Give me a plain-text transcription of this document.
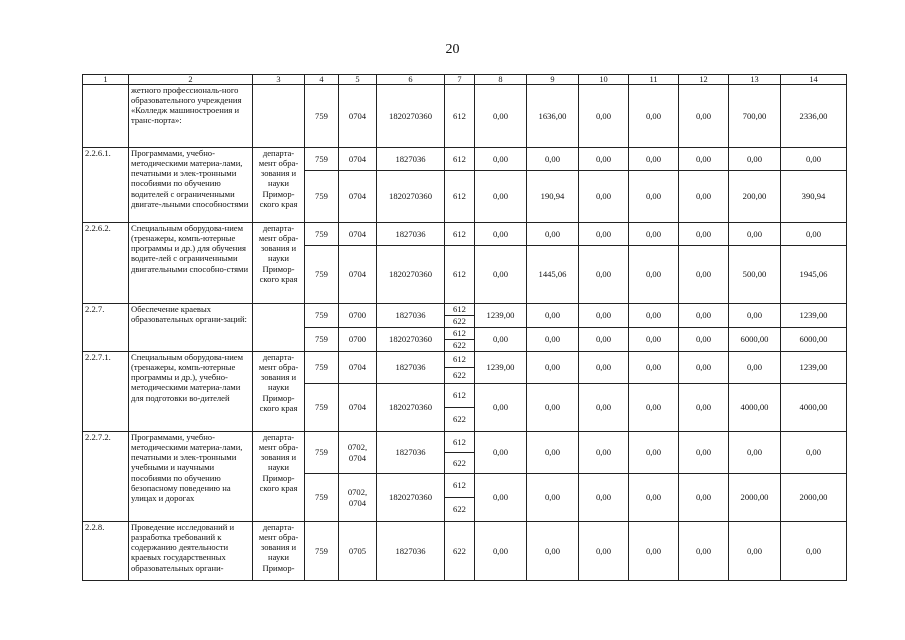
20
1	2	3	4	5	6	7	8	9	10	11	12	13	14
	жетного профессиональ-ного образовательного учреждения «Колледж машиностроения и транс-порта»:		759	0704	1820270360	612	0,00	1636,00	0,00	0,00	0,00	700,00	2336,00
2.2.6.1.	Программами, учебно-методическими материа-лами, печатными и элек-тронными пособиями по обучению водителей с ограниченными двигате-льными способностями	департа-мент обра-зования и науки Примор-ского края	759	0704	1827036	612	0,00	0,00	0,00	0,00	0,00	0,00	0,00
			759	0704	1820270360	612	0,00	190,94	0,00	0,00	0,00	200,00	390,94
2.2.6.2.	Специальным оборудова-нием (тренажеры, компь-ютерные программы и др.) для обучения водите-лей с ограниченными двигательными способно-стями	департа-мент обра-зования и науки Примор-ского края	759	0704	1827036	612	0,00	0,00	0,00	0,00	0,00	0,00	0,00
			759	0704	1820270360	612	0,00	1445,06	0,00	0,00	0,00	500,00	1945,06
2.2.7.	Обеспечение краевых образовательных органи-заций:		759	0700	1827036	612	1239,00	0,00	0,00	0,00	0,00	0,00	1239,00
						622							
			759	0700	1820270360	612	0,00	0,00	0,00	0,00	0,00	6000,00	6000,00
						622							
2.2.7.1.	Специальным оборудова-нием (тренажеры, компь-ютерные программы и др.), учебно-методическими материа-лами для подготовки во-дителей	департа-мент обра-зования и науки Примор-ского края	759	0704	1827036	612	1239,00	0,00	0,00	0,00	0,00	0,00	1239,00
						622							
			759	0704	1820270360	612	0,00	0,00	0,00	0,00	0,00	4000,00	4000,00
						622							
2.2.7.2.	Программами, учебно-методическими материа-лами, печатными и элек-тронными учебными и научными пособиями по обучению безопасному поведению на улицах и дорогах	департа-мент обра-зования и науки Примор-ского края	759	0702, 0704	1827036	612	0,00	0,00	0,00	0,00	0,00	0,00	0,00
						622							
			759	0702, 0704	1820270360	612	0,00	0,00	0,00	0,00	0,00	2000,00	2000,00
						622							
2.2.8.	Проведение исследований и разработка требований к содержанию деятельности краевых государственных образовательных органи-	департа-мент обра-зования и науки Примор-	759	0705	1827036	622	0,00	0,00	0,00	0,00	0,00	0,00	0,00
